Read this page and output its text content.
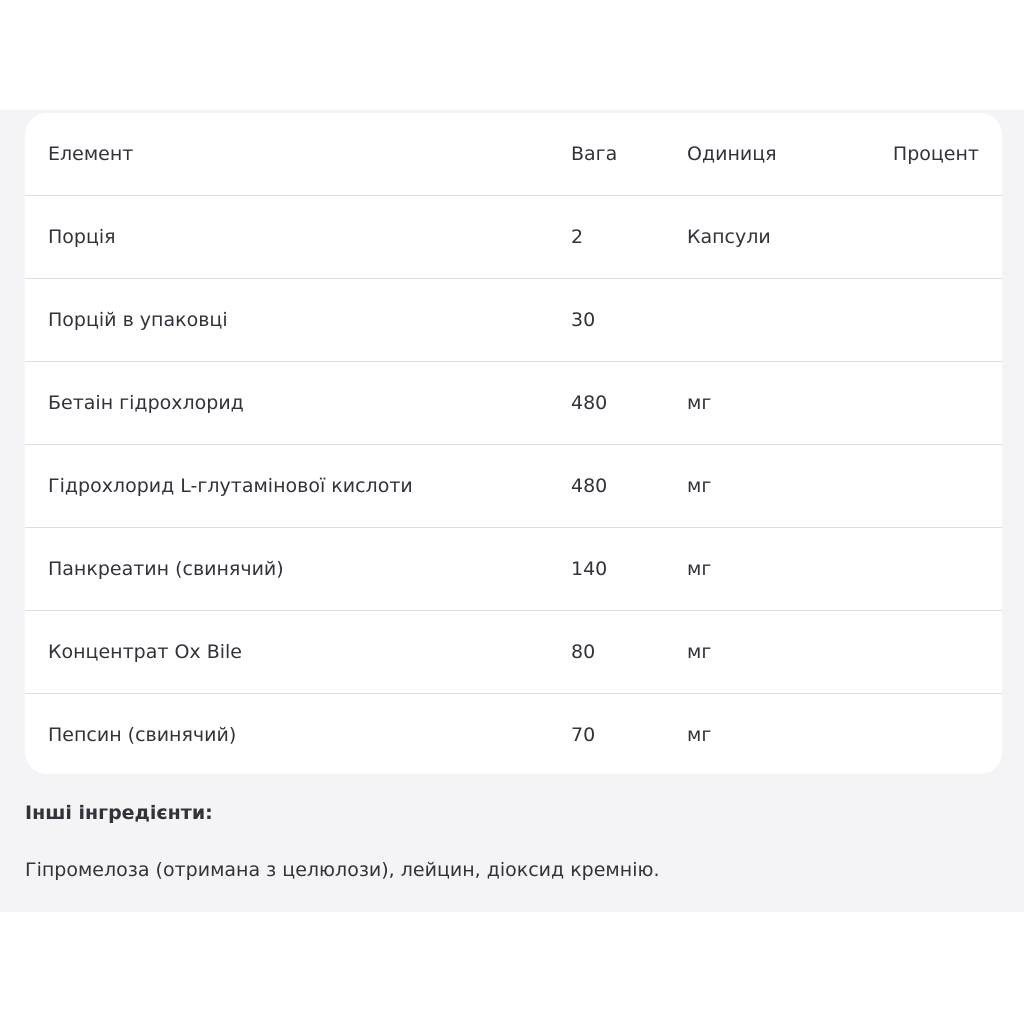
Елемент	Вага	Одиниця	Процент
Порція	2	Капсули
Порцій в упаковці	30
Бетаін гідрохлорид	480	мг
Гідрохлорид L-глутамінової кислоти	480	мг
Панкреатин (свинячий)	140	мг
Концентрат Ox Bile	80	мг
Пепсин (свинячий)	70	мг
Інші інгредієнти:
Гіпромелоза (отримана з целюлози), лейцин, діоксид кремнію.
